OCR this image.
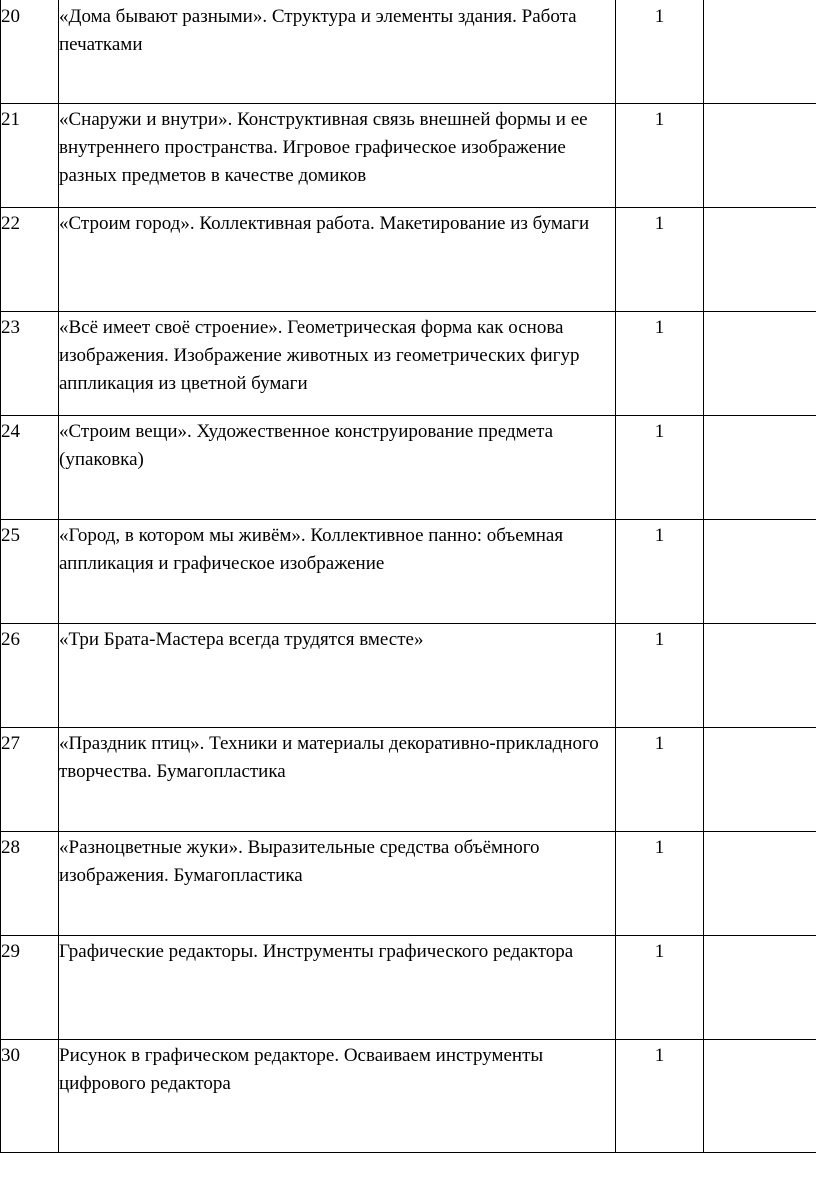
20	«Дома бывают разными». Структура и элементы здания. Работа печатками	1	
21	«Снаружи и внутри». Конструктивная связь внешней формы и ее внутреннего пространства. Игровое графическое изображение разных предметов в качестве домиков	1	
22	«Строим город». Коллективная работа. Макетирование из бумаги	1	
23	«Всё имеет своё строение». Геометрическая форма как основа изображения. Изображение животных из геометрических фигур аппликация из цветной бумаги	1	
24	«Строим вещи». Художественное конструирование предмета (упаковка)	1	
25	«Город, в котором мы живём». Коллективное панно: объемная аппликация и графическое изображение	1	
26	«Три Брата-Мастера всегда трудятся вместе»	1	
27	«Праздник птиц». Техники и материалы декоративно-прикладного творчества. Бумагопластика	1	
28	«Разноцветные жуки». Выразительные средства объёмного изображения. Бумагопластика	1	
29	Графические редакторы. Инструменты графического редактора	1	
30	Рисунок в графическом редакторе. Осваиваем инструменты цифрового редактора	1	
